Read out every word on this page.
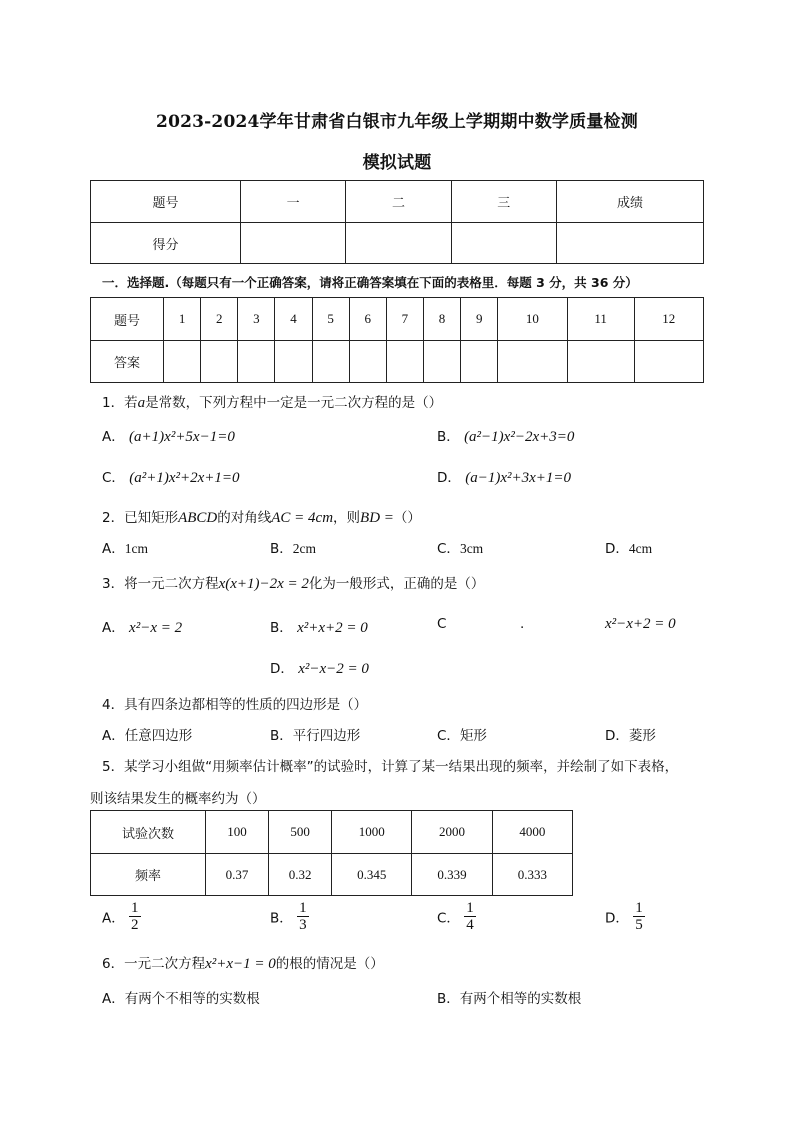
2023-2024学年甘肃省白银市九年级上学期期中数学质量检测
模拟试题
题号	一	二	三	成绩
得分				
一．选择题.（每题只有一个正确答案，请将正确答案填在下面的表格里．每题 3 分，共 36 分）
题号	1	2	3	4	5	6	7	8	9	10	11	12
答案												
1．若a是常数，下列方程中一定是一元二次方程的是（）
A． (a+1)x²+5x−1=0	B． (a²−1)x²−2x+3=0
C． (a²+1)x²+2x+1=0	D． (a−1)x²+3x+1=0
2．已知矩形ABCD的对角线AC = 4cm，则BD =（）
A．1cm	B．2cm	C．3cm	D．4cm
3．将一元二次方程x(x+1)−2x = 2化为一般形式，正确的是（）
A． x²−x = 2	B． x²+x+2 = 0	C	.	x²−x+2 = 0
D． x²−x−2 = 0
4．具有四条边都相等的性质的四边形是（）
A．任意四边形	B．平行四边形	C．矩形	D．菱形
5．某学习小组做“用频率估计概率”的试验时，计算了某一结果出现的频率，并绘制了如下表格，
则该结果发生的概率约为（）
试验次数	100	500	1000	2000	4000
频率	0.37	0.32	0.345	0.339	0.333
A． $\frac{1}{2}$	B． $\frac{1}{3}$	C． $\frac{1}{4}$	D． $\frac{1}{5}$
6．一元二次方程x²+x−1 = 0的根的情况是（）
A．有两个不相等的实数根	B．有两个相等的实数根
